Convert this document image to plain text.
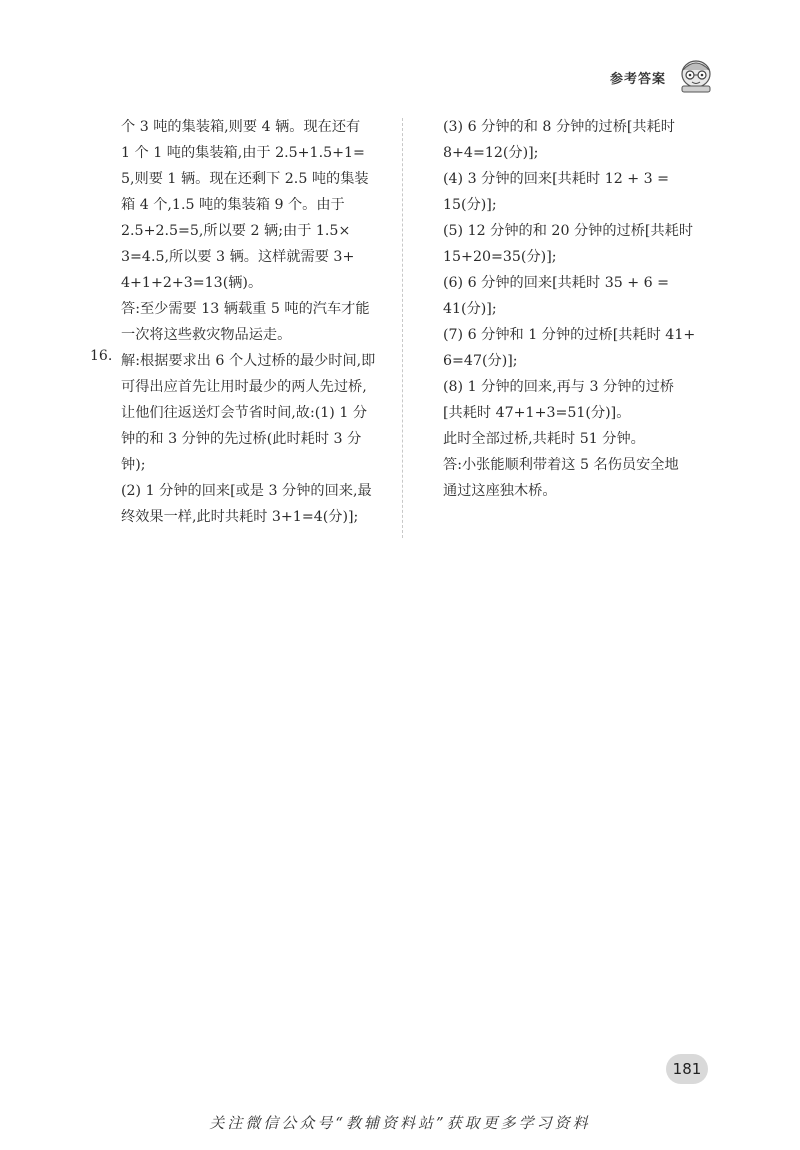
参考答案
个 3 吨的集装箱,则要 4 辆。现在还有
1 个 1 吨的集装箱,由于 2.5+1.5+1=
5,则要 1 辆。现在还剩下 2.5 吨的集装
箱 4 个,1.5 吨的集装箱 9 个。由于
2.5+2.5=5,所以要 2 辆;由于 1.5×
3=4.5,所以要 3 辆。这样就需要 3+
4+1+2+3=13(辆)。
答:至少需要 13 辆载重 5 吨的汽车才能
一次将这些救灾物品运走。
解:根据要求出 6 个人过桥的最少时间,即
可得出应首先让用时最少的两人先过桥,
让他们往返送灯会节省时间,故:(1) 1 分
钟的和 3 分钟的先过桥(此时耗时 3 分
钟);
(2) 1 分钟的回来[或是 3 分钟的回来,最
终效果一样,此时共耗时 3+1=4(分)];
16.
(3) 6 分钟的和 8 分钟的过桥[共耗时
8+4=12(分)];
(4) 3 分钟的回来[共耗时 12 + 3 =
15(分)];
(5) 12 分钟的和 20 分钟的过桥[共耗时
15+20=35(分)];
(6) 6 分钟的回来[共耗时 35 + 6 =
41(分)];
(7) 6 分钟和 1 分钟的过桥[共耗时 41+
6=47(分)];
(8) 1 分钟的回来,再与 3 分钟的过桥
[共耗时 47+1+3=51(分)]。
此时全部过桥,共耗时 51 分钟。
答:小张能顺利带着这 5 名伤员安全地
通过这座独木桥。
181
关注微信公众号“教辅资料站”获取更多学习资料
